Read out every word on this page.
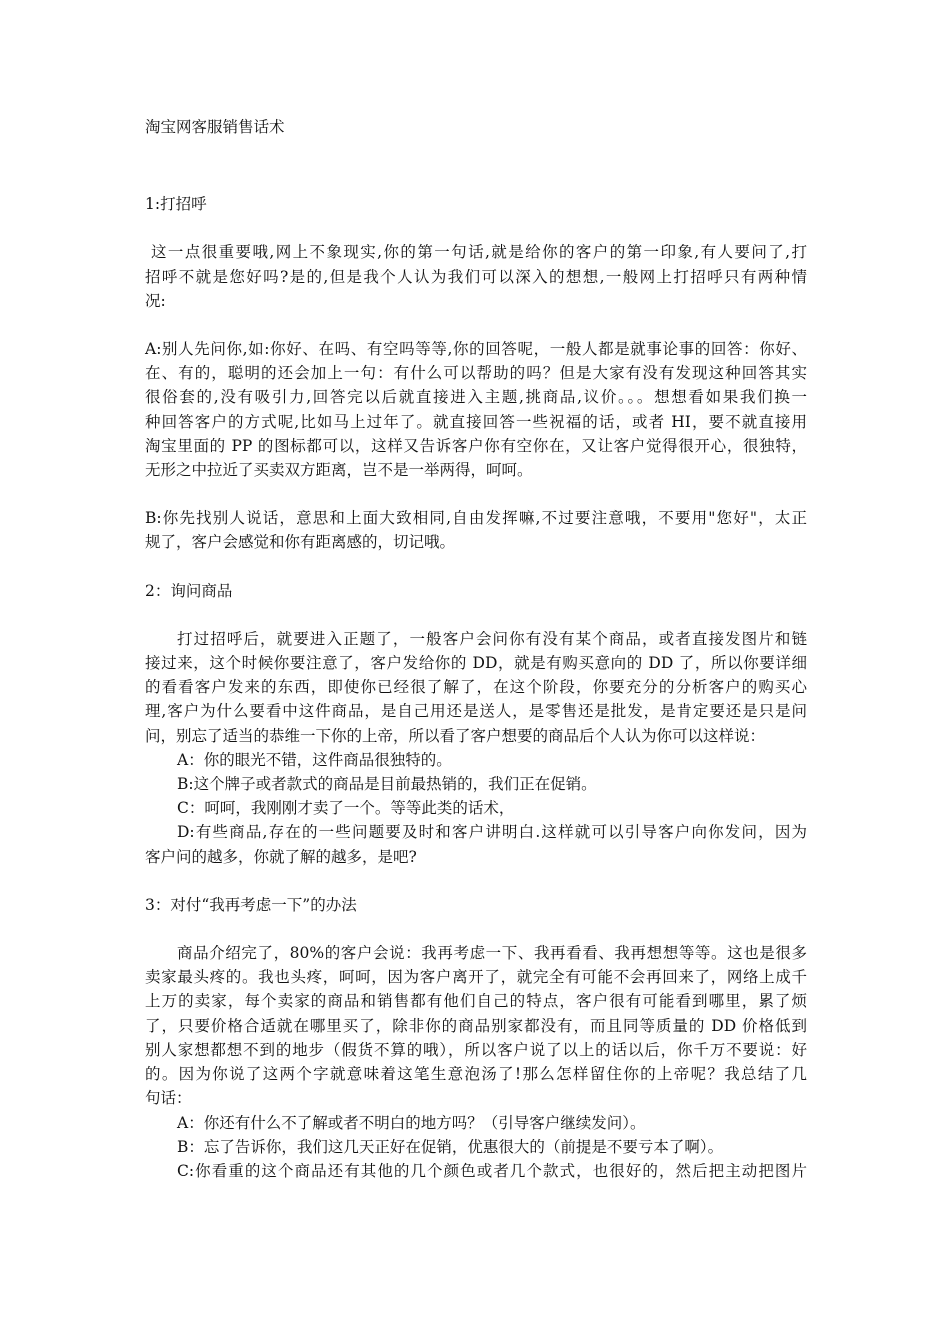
淘宝网客服销售话术
1:打招呼
这一点很重要哦,网上不象现实,你的第一句话,就是给你的客户的第一印象,有人要问了,打
招呼不就是您好吗?是的,但是我个人认为我们可以深入的想想,一般网上打招呼只有两种情
况:
A:别人先问你,如:你好、在吗、有空吗等等,你的回答呢，一般人都是就事论事的回答：你好、
在、有的，聪明的还会加上一句：有什么可以帮助的吗？但是大家有没有发现这种回答其实
很俗套的,没有吸引力,回答完以后就直接进入主题,挑商品,议价。。。想想看如果我们换一
种回答客户的方式呢,比如马上过年了。就直接回答一些祝福的话，或者 HI，要不就直接用
淘宝里面的 PP 的图标都可以，这样又告诉客户你有空你在，又让客户觉得很开心，很独特，
无形之中拉近了买卖双方距离，岂不是一举两得，呵呵。
B:你先找别人说话，意思和上面大致相同,自由发挥嘛,不过要注意哦，不要用"您好"，太正
规了，客户会感觉和你有距离感的，切记哦。
2：询问商品
打过招呼后，就要进入正题了，一般客户会问你有没有某个商品，或者直接发图片和链
接过来，这个时候你要注意了，客户发给你的 DD，就是有购买意向的 DD 了，所以你要详细
的看看客户发来的东西，即使你已经很了解了，在这个阶段，你要充分的分析客户的购买心
理,客户为什么要看中这件商品，是自己用还是送人，是零售还是批发，是肯定要还是只是问
问，别忘了适当的恭维一下你的上帝，所以看了客户想要的商品后个人认为你可以这样说：
A：你的眼光不错，这件商品很独特的。
B:这个牌子或者款式的商品是目前最热销的，我们正在促销。
C：呵呵，我刚刚才卖了一个。等等此类的话术，
D:有些商品,存在的一些问题要及时和客户讲明白.这样就可以引导客户向你发问，因为
客户问的越多，你就了解的越多，是吧?
3：对付“我再考虑一下”的办法
商品介绍完了，80%的客户会说：我再考虑一下、我再看看、我再想想等等。这也是很多
卖家最头疼的。我也头疼，呵呵，因为客户离开了，就完全有可能不会再回来了，网络上成千
上万的卖家，每个卖家的商品和销售都有他们自己的特点，客户很有可能看到哪里，累了烦
了，只要价格合适就在哪里买了，除非你的商品别家都没有，而且同等质量的 DD 价格低到
别人家想都想不到的地步（假货不算的哦），所以客户说了以上的话以后，你千万不要说：好
的。因为你说了这两个字就意味着这笔生意泡汤了!那么怎样留住你的上帝呢？我总结了几
句话：
A：你还有什么不了解或者不明白的地方吗？（引导客户继续发问）。
B：忘了告诉你，我们这几天正好在促销，优惠很大的（前提是不要亏本了啊）。
C:你看重的这个商品还有其他的几个颜色或者几个款式，也很好的，然后把主动把图片
